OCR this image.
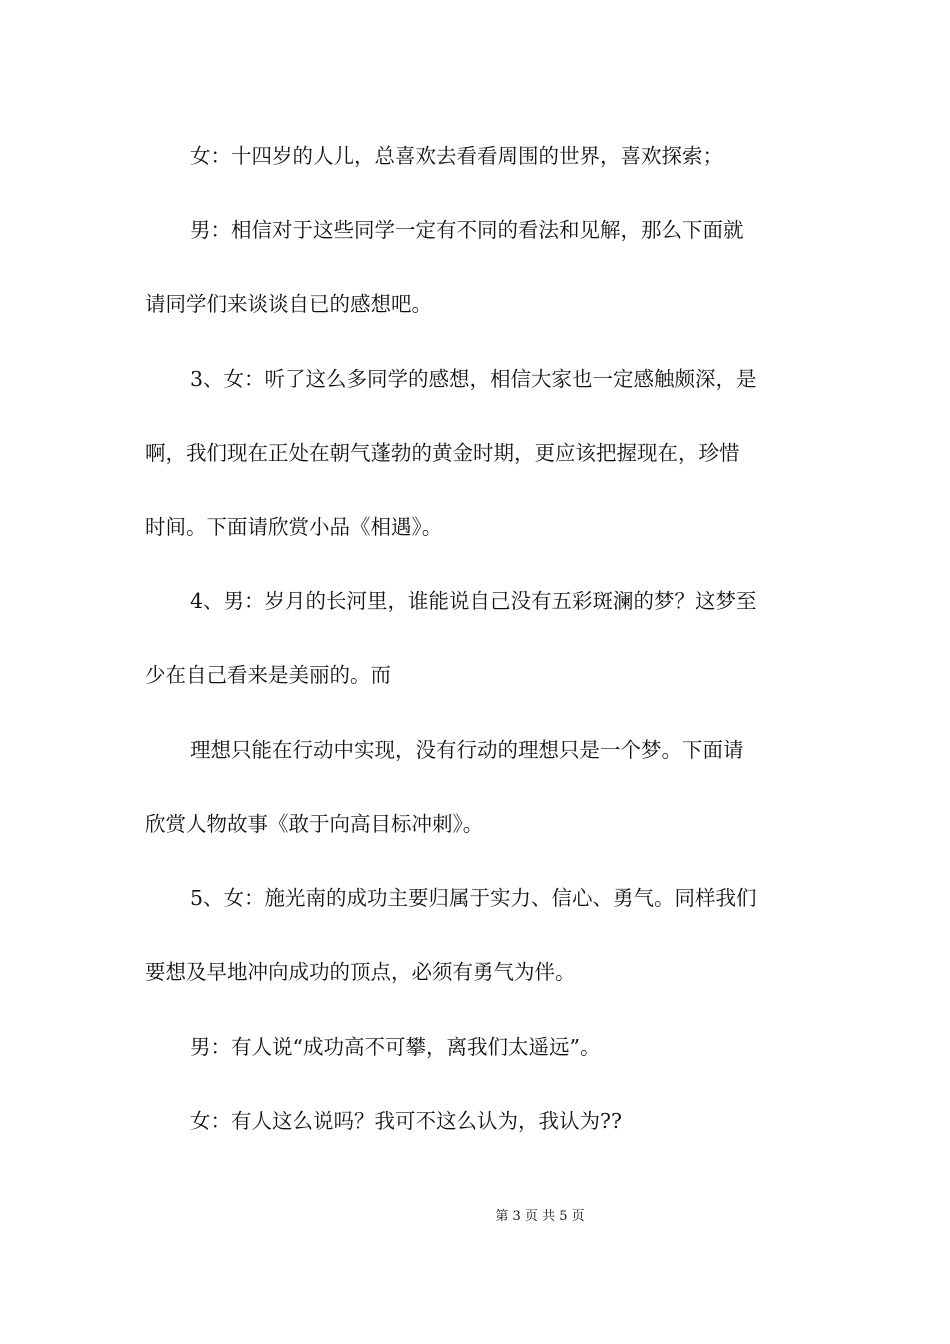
女：十四岁的人儿，总喜欢去看看周围的世界，喜欢探索；
男：相信对于这些同学一定有不同的看法和见解，那么下面就
请同学们来谈谈自已的感想吧。
3、女：听了这么多同学的感想，相信大家也一定感触颇深，是
啊，我们现在正处在朝气蓬勃的黄金时期，更应该把握现在，珍惜
时间。下面请欣赏小品《相遇》。
4、男：岁月的长河里，谁能说自己没有五彩斑澜的梦？这梦至
少在自己看来是美丽的。而
理想只能在行动中实现，没有行动的理想只是一个梦。下面请
欣赏人物故事《敢于向高目标冲刺》。
5、女：施光南的成功主要归属于实力、信心、勇气。同样我们
要想及早地冲向成功的顶点，必须有勇气为伴。
男：有人说“成功高不可攀，离我们太遥远”。
女：有人这么说吗？我可不这么认为，我认为??
第 3 页 共 5 页
